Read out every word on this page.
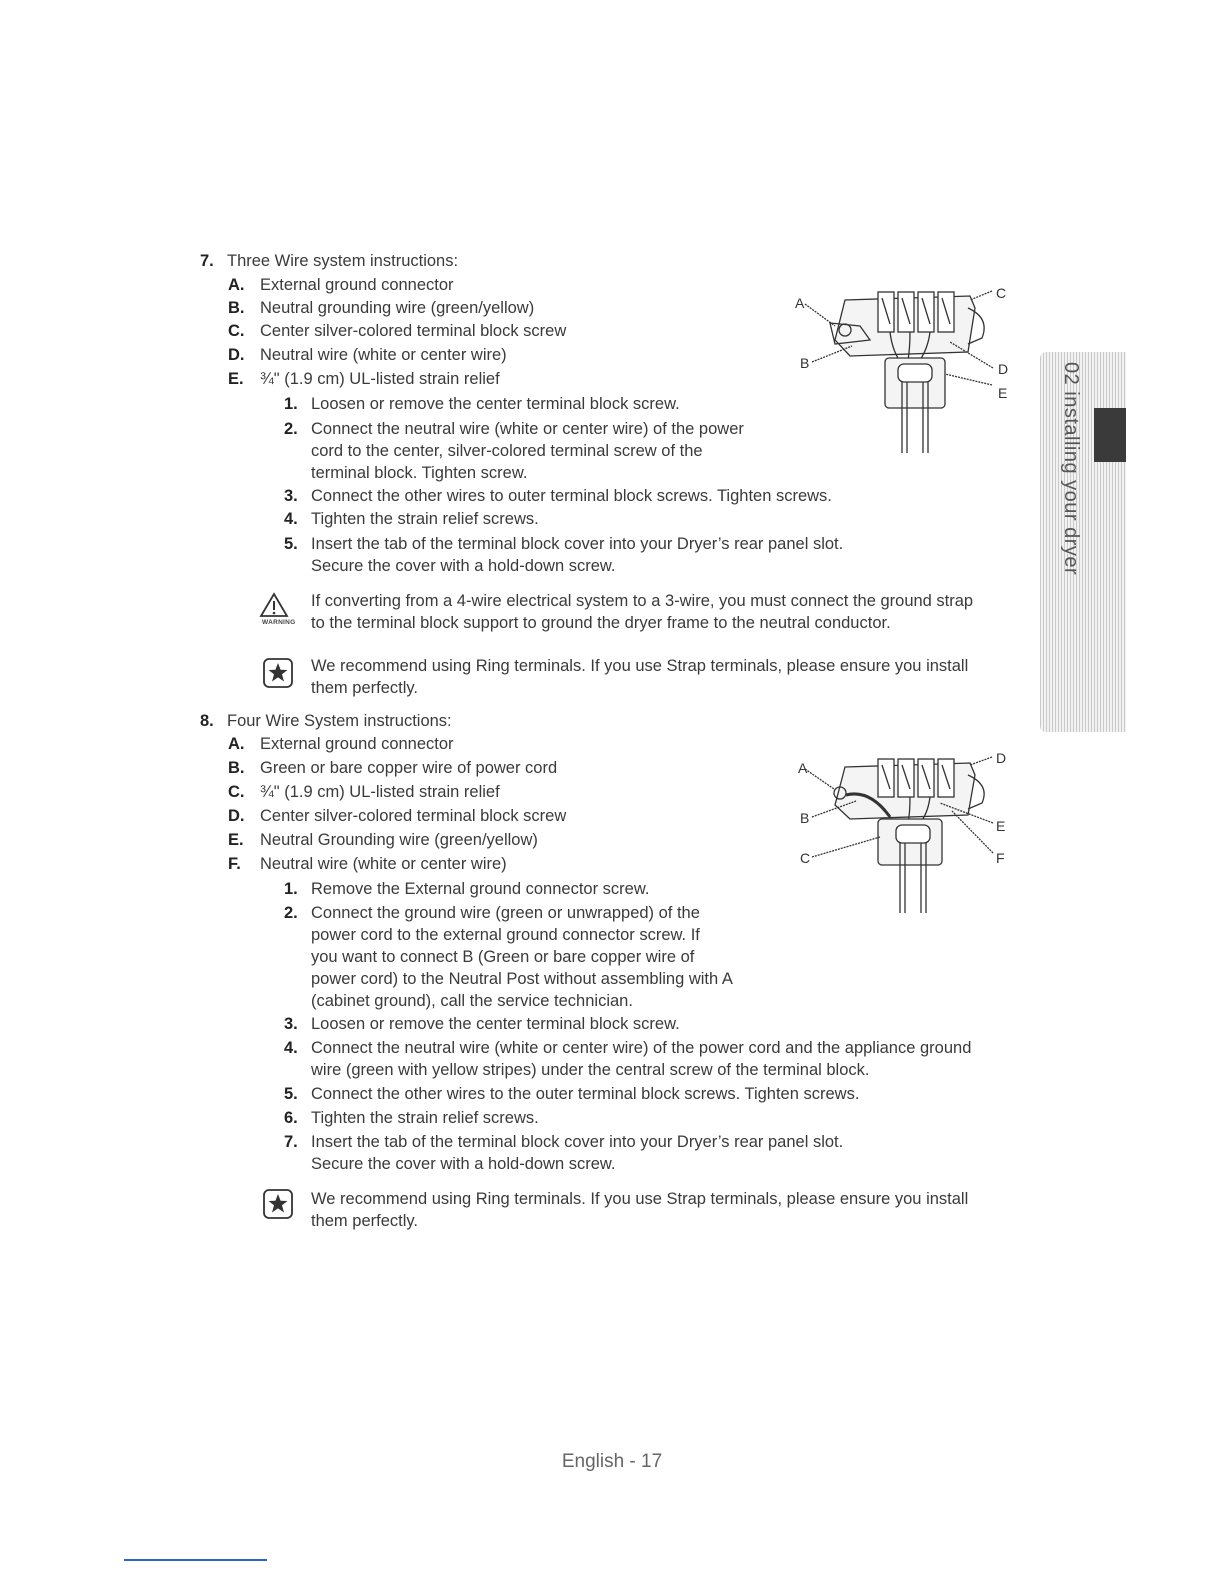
7. Three Wire system instructions:
A. External ground connector
B. Neutral grounding wire (green/yellow)
C. Center silver-colored terminal block screw
D. Neutral wire (white or center wire)
E. ¾" (1.9 cm) UL-listed strain relief
1. Loosen or remove the center terminal block screw.
2. Connect the neutral wire (white or center wire) of the power
cord to the center, silver-colored terminal screw of the
terminal block. Tighten screw.
3. Connect the other wires to outer terminal block screws. Tighten screws.
4. Tighten the strain relief screws.
5. Insert the tab of the terminal block cover into your Dryer’s rear panel slot.
Secure the cover with a hold-down screw.
WARNING
If converting from a 4-wire electrical system to a 3-wire, you must connect the ground strap
to the terminal block support to ground the dryer frame to the neutral conductor.
We recommend using Ring terminals. If you use Strap terminals, please ensure you install
them perfectly.
A
B
C
D
E
8. Four Wire System instructions:
A. External ground connector
B. Green or bare copper wire of power cord
C. ¾" (1.9 cm) UL-listed strain relief
D. Center silver-colored terminal block screw
E. Neutral Grounding wire (green/yellow)
F. Neutral wire (white or center wire)
1. Remove the External ground connector screw.
2. Connect the ground wire (green or unwrapped) of the
power cord to the external ground connector screw. If
you want to connect B (Green or bare copper wire of
power cord) to the Neutral Post without assembling with A
(cabinet ground), call the service technician.
3. Loosen or remove the center terminal block screw.
4. Connect the neutral wire (white or center wire) of the power cord and the appliance ground
wire (green with yellow stripes) under the central screw of the terminal block.
5. Connect the other wires to the outer terminal block screws. Tighten screws.
6. Tighten the strain relief screws.
7. Insert the tab of the terminal block cover into your Dryer’s rear panel slot.
Secure the cover with a hold-down screw.
We recommend using Ring terminals. If you use Strap terminals, please ensure you install
them perfectly.
A
B
C
D
E
F
02 installing your dryer
English - 17
